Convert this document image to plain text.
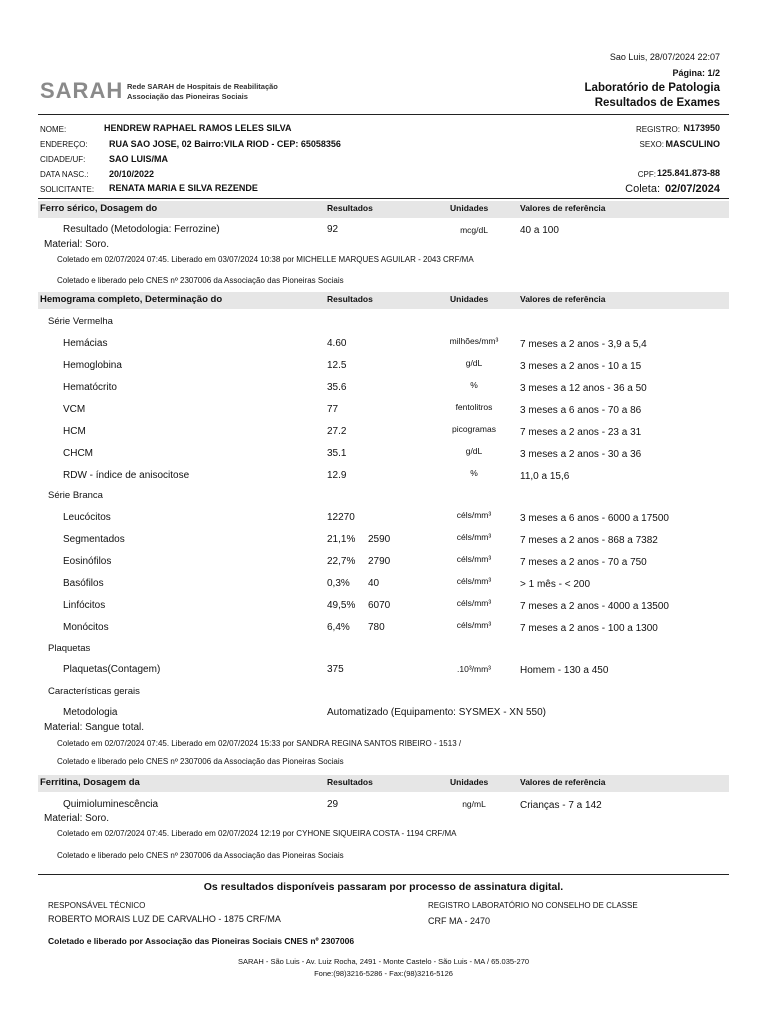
Sao Luis, 28/07/2024 22:07
Página: 1/2
SARAH Rede SARAH de Hospitais de Reabilitação
Associação das Pioneiras Sociais
Laboratório de Patologia
Resultados de Exames
NOME:	HENDREW RAPHAEL RAMOS LELES SILVA
ENDEREÇO: RUA SAO JOSE, 02 Bairro:VILA RIOD - CEP: 65058356
CIDADE/UF:	SAO LUIS/MA
DATA NASC.: 20/10/2022
SOLICITANTE: RENATA MARIA E SILVA REZENDE
REGISTRO: N173950
SEXO: MASCULINO
CPF: 125.841.873-88
Coleta: 02/07/2024
Ferro sérico, Dosagem do	Resultados	Unidades	Valores de referência
Resultado (Metodologia: Ferrozine)	92	mcg/dL	40 a 100
Material: Soro.
Coletado em 02/07/2024 07:45. Liberado em 03/07/2024 10:38 por MICHELLE MARQUES AGUILAR - 2043 CRF/MA
Coletado e liberado pelo CNES nº 2307006 da Associação das Pioneiras Sociais
Hemograma completo, Determinação do	Resultados	Unidades	Valores de referência
Série Vermelha
Hemácias	4.60	milhões/mm³	7 meses a 2 anos - 3,9 a 5,4
Hemoglobina	12.5	g/dL	3 meses a 2 anos - 10 a 15
Hematócrito	35.6	%	3 meses a 12 anos - 36 a 50
VCM	77	fentolitros	3 meses a 6 anos - 70 a 86
HCM	27.2	picogramas	7 meses a 2 anos - 23 a 31
CHCM	35.1	g/dL	3 meses a 2 anos - 30 a 36
RDW - índice de anisocitose	12.9	%	11,0 a 15,6
Série Branca
Leucócitos	12270	céls/mm³	3 meses a 6 anos - 6000 a 17500
Segmentados	21,1% 2590	céls/mm³	7 meses a 2 anos - 868 a 7382
Eosinófilos	22,7% 2790	céls/mm³	7 meses a 2 anos - 70 a 750
Basófilos	0,3% 40	céls/mm³	> 1 mês - < 200
Linfócitos	49,5% 6070	céls/mm³	7 meses a 2 anos - 4000 a 13500
Monócitos	6,4% 780	céls/mm³	7 meses a 2 anos - 100 a 1300
Plaquetas
Plaquetas(Contagem)	375	.10³/mm³	Homem - 130 a 450
Características gerais
Metodologia	Automatizado (Equipamento: SYSMEX - XN 550)
Material: Sangue total.
Coletado em 02/07/2024 07:45. Liberado em 02/07/2024 15:33 por SANDRA REGINA SANTOS RIBEIRO - 1513 /
Coletado e liberado pelo CNES nº 2307006 da Associação das Pioneiras Sociais
Ferritina, Dosagem da	Resultados	Unidades	Valores de referência
Quimioluminescência	29	ng/mL	Crianças - 7 a 142
Material: Soro.
Coletado em 02/07/2024 07:45. Liberado em 02/07/2024 12:19 por CYHONE SIQUEIRA COSTA - 1194 CRF/MA
Coletado e liberado pelo CNES nº 2307006 da Associação das Pioneiras Sociais
Os resultados disponíveis passaram por processo de assinatura digital.
RESPONSÁVEL TÉCNICO
ROBERTO MORAIS LUZ DE CARVALHO - 1875 CRF/MA
REGISTRO LABORATÓRIO NO CONSELHO DE CLASSE
CRF MA - 2470
Coletado e liberado por Associação das Pioneiras Sociais CNES nº 2307006
SARAH - São Luis - Av. Luiz Rocha, 2491 - Monte Castelo - São Luis - MA / 65.035-270
Fone:(98)3216-5286 - Fax:(98)3216-5126
